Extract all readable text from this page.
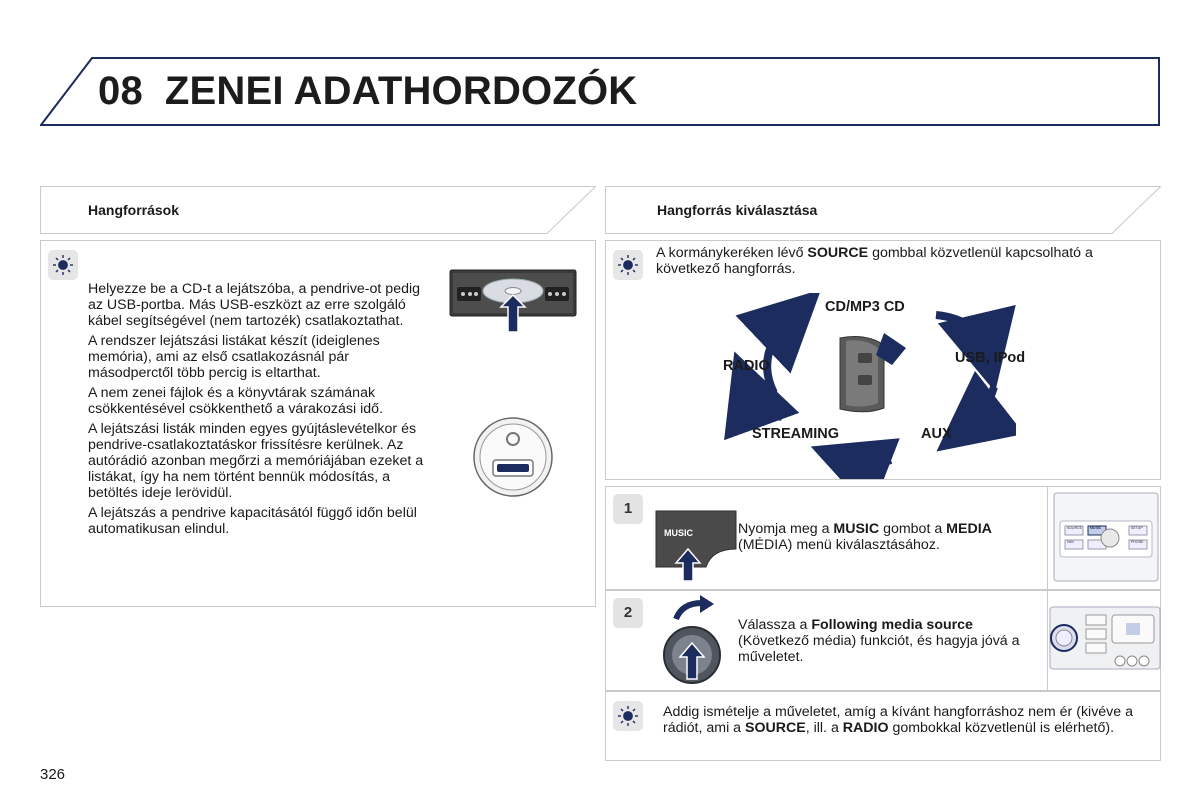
08 ZENEI ADATHORDOZÓK
Hangforrások	Hangforrás kiválasztása

Helyezze be a CD-t a lejátszóba, a pendrive-ot pedig az USB-portba. Más USB-eszközt az erre szolgáló kábel segítségével (nem tartozék) csatlakoztathat.

A rendszer lejátszási listákat készít (ideiglenes memória), ami az első csatlakozásnál pár másodperctől több percig is eltarthat.

A nem zenei fájlok és a könyvtárak számának csökkentésével csökkenthető a várakozási idő.

A lejátszási listák minden egyes gyújtáslevételkor és pendrive-csatlakoztatáskor frissítésre kerülnek. Az autórádió azonban megőrzi a memóriájában ezeket a listákat, így ha nem történt bennük módosítás, a betöltés ideje lerövidül.

A lejátszás a pendrive kapacitásától függő időn belül automatikusan elindul.

A kormánykeréken lévő SOURCE gombbal közvetlenül kapcsolható a következő hangforrás.
CD/MP3 CD
USB, IPod
AUX
STREAMING
RADIO
1
MUSIC	Nyomja meg a MUSIC gombot a MEDIA (MÉDIA) menü kiválasztásához.
SOURCE MUSIC	SETUP
NAV	PHONE
2
Válassza a Following media source (Következő média) funkciót, és hagyja jóvá a műveletet.
Addig ismételje a műveletet, amíg a kívánt hangforráshoz nem ér (kivéve a rádiót, ami a SOURCE, ill. a RADIO gombokkal közvetlenül is elérhető).
326
